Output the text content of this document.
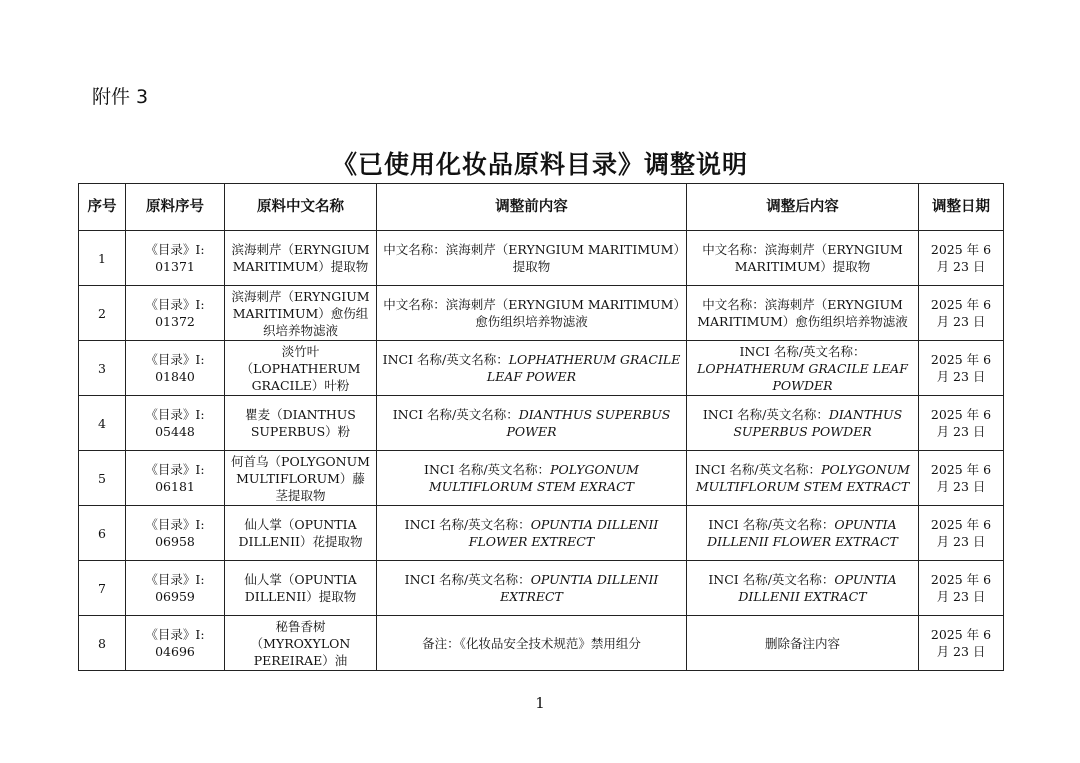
附件 3
《已使用化妆品原料目录》调整说明
序号	原料序号	原料中文名称	调整前内容	调整后内容	调整日期
1	《目录》Ⅰ: 01371	滨海刺芹（ERYNGIUM MARITIMUM）提取物	中文名称：滨海刺芹（ERYNGIUM MARITIMUM）提取物	中文名称：滨海刺芹（ERYNGIUM MARITIMUM）提取物	2025 年 6 月 23 日
2	《目录》Ⅰ: 01372	滨海刺芹（ERYNGIUM MARITIMUM）愈伤组织培养物滤液	中文名称：滨海刺芹（ERYNGIUM MARITIMUM）愈伤组织培养物滤液	中文名称：滨海刺芹（ERYNGIUM MARITIMUM）愈伤组织培养物滤液	2025 年 6 月 23 日
3	《目录》Ⅰ: 01840	淡竹叶（LOPHATHERUM GRACILE）叶粉	INCI 名称/英文名称：LOPHATHERUM GRACILE LEAF POWER	INCI 名称/英文名称：LOPHATHERUM GRACILE LEAF POWDER	2025 年 6 月 23 日
4	《目录》Ⅰ: 05448	瞿麦（DIANTHUS SUPERBUS）粉	INCI 名称/英文名称：DIANTHUS SUPERBUS POWER	INCI 名称/英文名称：DIANTHUS SUPERBUS POWDER	2025 年 6 月 23 日
5	《目录》Ⅰ: 06181	何首乌（POLYGONUM MULTIFLORUM）藤茎提取物	INCI 名称/英文名称：POLYGONUM MULTIFLORUM STEM EXRACT	INCI 名称/英文名称：POLYGONUM MULTIFLORUM STEM EXTRACT	2025 年 6 月 23 日
6	《目录》Ⅰ: 06958	仙人掌（OPUNTIA DILLENII）花提取物	INCI 名称/英文名称：OPUNTIA DILLENII FLOWER EXTRECT	INCI 名称/英文名称：OPUNTIA DILLENII FLOWER EXTRACT	2025 年 6 月 23 日
7	《目录》Ⅰ: 06959	仙人掌（OPUNTIA DILLENII）提取物	INCI 名称/英文名称：OPUNTIA DILLENII EXTRECT	INCI 名称/英文名称：OPUNTIA DILLENII EXTRACT	2025 年 6 月 23 日
8	《目录》Ⅰ: 04696	秘鲁香树（MYROXYLON PEREIRAE）油	备注：《化妆品安全技术规范》禁用组分	删除备注内容	2025 年 6 月 23 日
1
